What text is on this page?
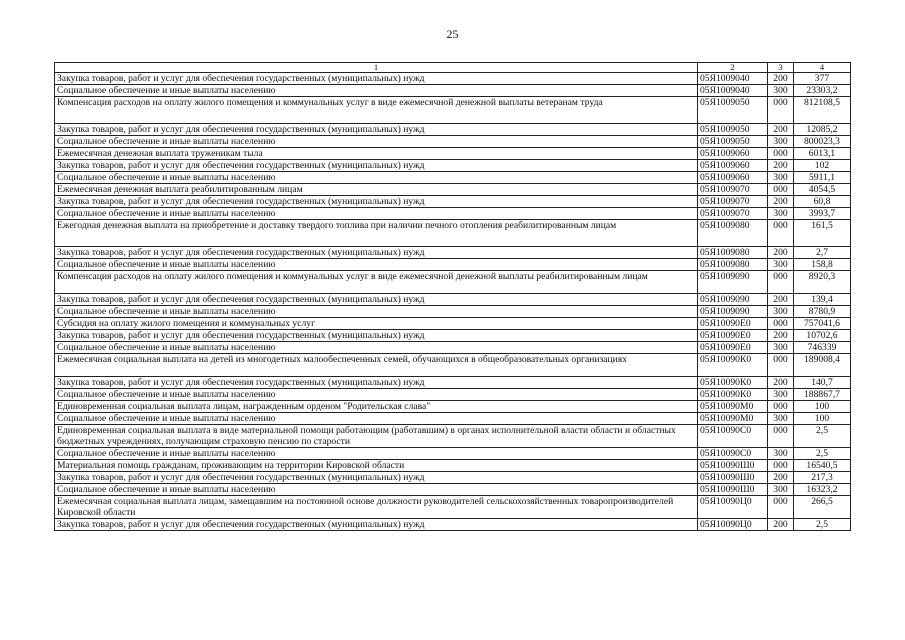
25
1	2	3	4
Закупка товаров, работ и услуг для обеспечения государственных (муниципальных) нужд	05Я1009040	200	377
Социальное обеспечение и иные выплаты населению	05Я1009040	300	23303,2
Компенсация расходов на оплату жилого помещения и коммунальных услуг в виде ежемесячной денежной выплаты ветеранам труда	05Я1009050	000	812108,5
Закупка товаров, работ и услуг для обеспечения государственных (муниципальных) нужд	05Я1009050	200	12085,2
Социальное обеспечение и иные выплаты населению	05Я1009050	300	800023,3
Ежемесячная денежная выплата труженикам тыла	05Я1009060	000	6013,1
Закупка товаров, работ и услуг для обеспечения государственных (муниципальных) нужд	05Я1009060	200	102
Социальное обеспечение и иные выплаты населению	05Я1009060	300	5911,1
Ежемесячная денежная выплата реабилитированным лицам	05Я1009070	000	4054,5
Закупка товаров, работ и услуг для обеспечения государственных (муниципальных) нужд	05Я1009070	200	60,8
Социальное обеспечение и иные выплаты населению	05Я1009070	300	3993,7
Ежегодная денежная выплата на приобретение и доставку твердого топлива при наличии печного отопления реабилитированным лицам	05Я1009080	000	161,5
Закупка товаров, работ и услуг для обеспечения государственных (муниципальных) нужд	05Я1009080	200	2,7
Социальное обеспечение и иные выплаты населению	05Я1009080	300	158,8
Компенсация расходов на оплату жилого помещения и коммунальных услуг в виде ежемесячной денежной выплаты реабилитированным лицам	05Я1009090	000	8920,3
Закупка товаров, работ и услуг для обеспечения государственных (муниципальных) нужд	05Я1009090	200	139,4
Социальное обеспечение и иные выплаты населению	05Я1009090	300	8780,9
Субсидия на оплату жилого помещения и коммунальных услуг	05Я10090Е0	000	757041,6
Закупка товаров, работ и услуг для обеспечения государственных (муниципальных) нужд	05Я10090Е0	200	10702,6
Социальное обеспечение и иные выплаты населению	05Я10090Е0	300	746339
Ежемесячная социальная выплата на детей из многодетных малообеспеченных семей, обучающихся в общеобразовательных организациях	05Я10090К0	000	189008,4
Закупка товаров, работ и услуг для обеспечения государственных (муниципальных) нужд	05Я10090К0	200	140,7
Социальное обеспечение и иные выплаты населению	05Я10090К0	300	188867,7
Единовременная социальная выплата лицам, награжденным орденом "Родительская слава"	05Я10090М0	000	100
Социальное обеспечение и иные выплаты населению	05Я10090М0	300	100
Единовременная социальная выплата в виде материальной помощи работающим (работавшим) в органах исполнительной власти области и областных бюджетных учреждениях, получающим страховую пенсию по старости	05Я10090С0	000	2,5
Социальное обеспечение и иные выплаты населению	05Я10090С0	300	2,5
Материальная помощь гражданам, проживающим на территории Кировской области	05Я10090Ш0	000	16540,5
Закупка товаров, работ и услуг для обеспечения государственных (муниципальных) нужд	05Я10090Ш0	200	217,3
Социальное обеспечение и иные выплаты населению	05Я10090Ш0	300	16323,2
Ежемесячная социальная выплата лицам, замещавшим на постоянной основе должности руководителей сельскохозяйственных товаропроизводителей Кировской области	05Я10090Ц0	000	266,5
Закупка товаров, работ и услуг для обеспечения государственных (муниципальных) нужд	05Я10090Ц0	200	2,5
